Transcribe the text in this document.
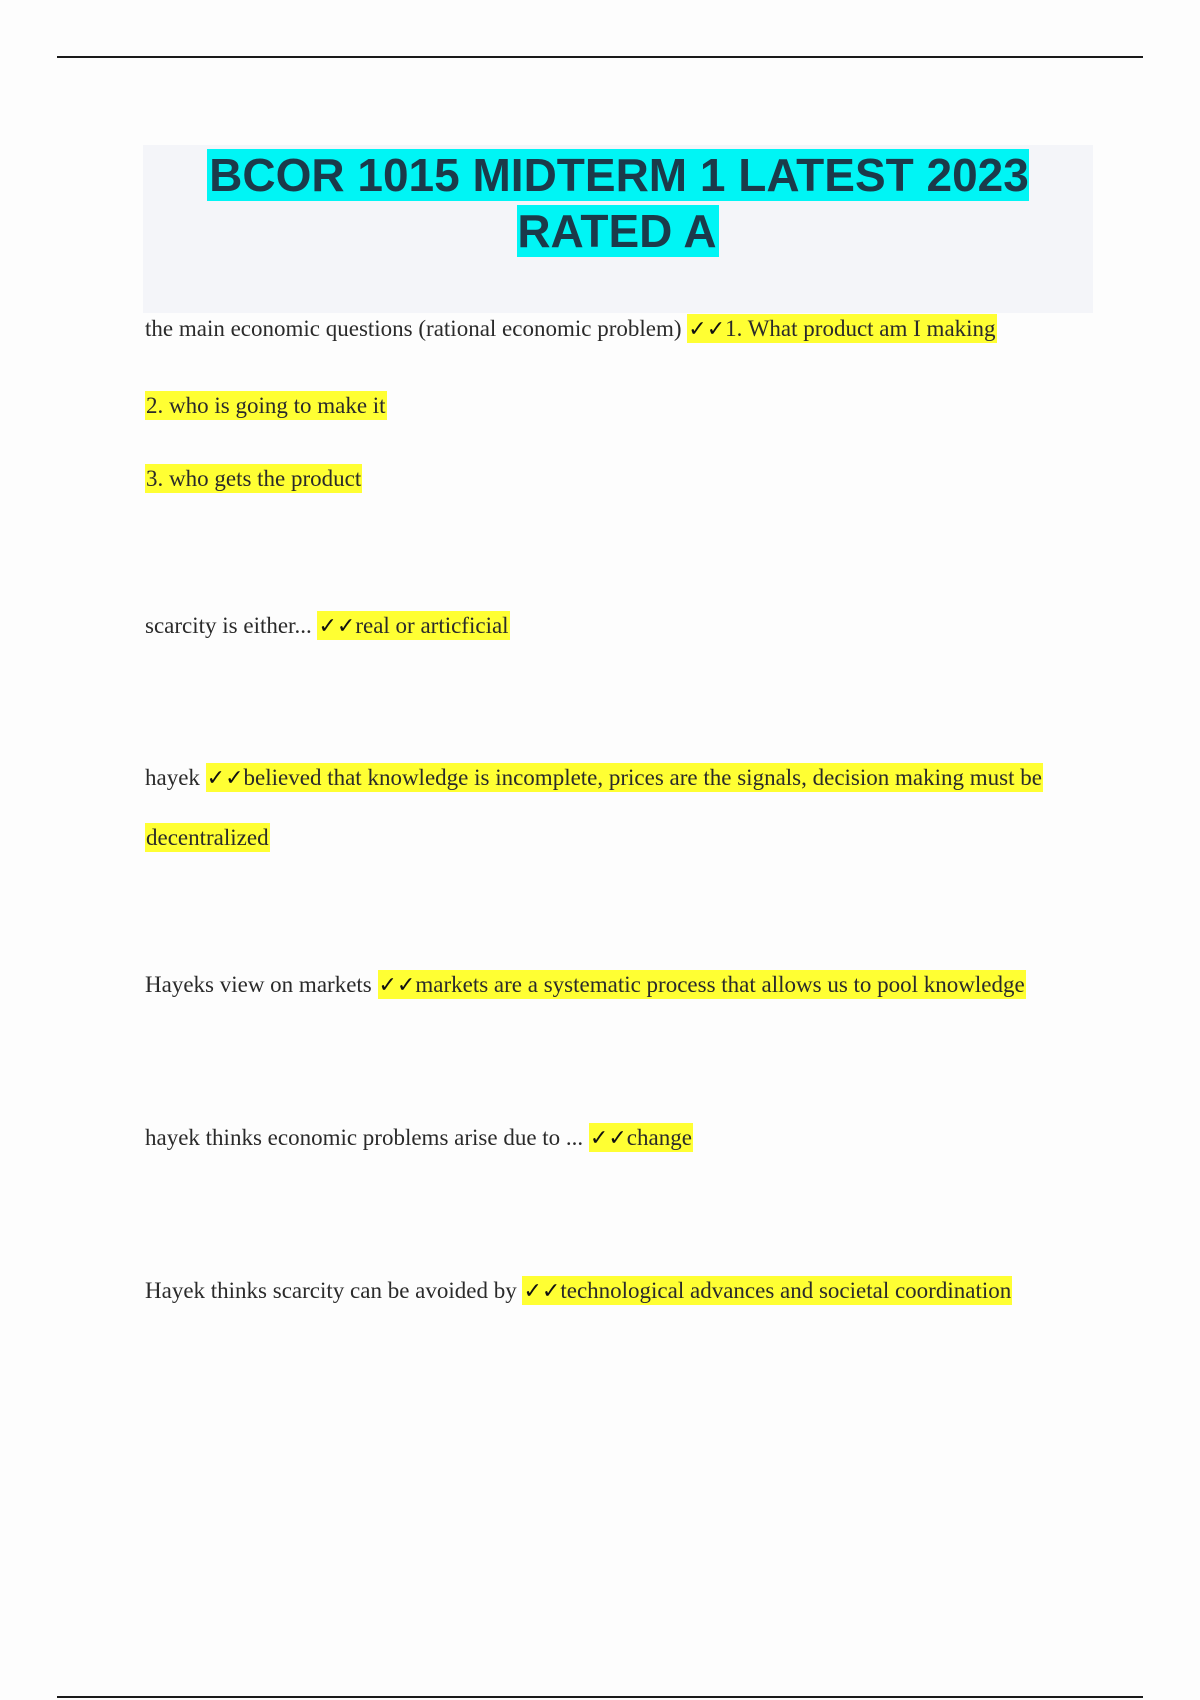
BCOR 1015 MIDTERM 1 LATEST 2023 RATED A
the main economic questions (rational economic problem) ✓✓1. What product am I making
2. who is going to make it
3. who gets the product
scarcity is either... ✓✓real or articficial
hayek ✓✓believed that knowledge is incomplete, prices are the signals, decision making must be
decentralized
Hayeks view on markets ✓✓markets are a systematic process that allows us to pool knowledge
hayek thinks economic problems arise due to ... ✓✓change
Hayek thinks scarcity can be avoided by ✓✓technological advances and societal coordination
